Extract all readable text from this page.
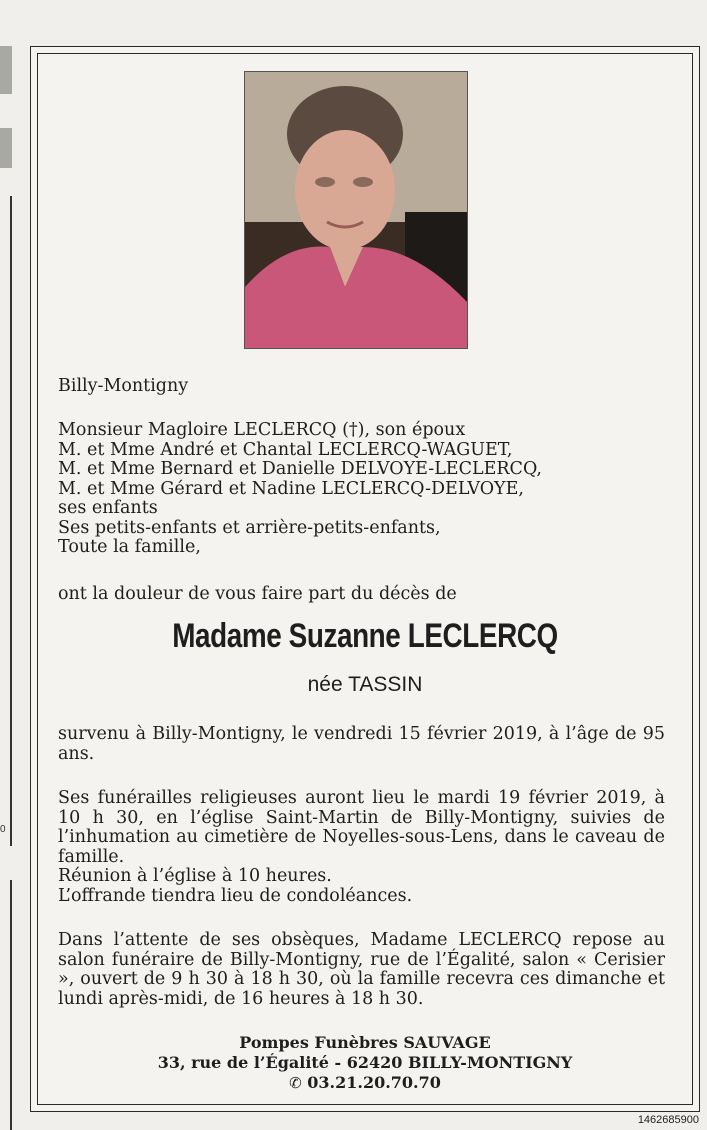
0

Billy-Montigny

Monsieur Magloire LECLERCQ (†), son époux
M. et Mme André et Chantal LECLERCQ-WAGUET,
M. et Mme Bernard et Danielle DELVOYE-LECLERCQ,
M. et Mme Gérard et Nadine LECLERCQ-DELVOYE,
ses enfants
Ses petits-enfants et arrière-petits-enfants,
Toute la famille,

ont la douleur de vous faire part du décès de

Madame Suzanne LECLERCQ
née TASSIN

survenu à Billy-Montigny, le vendredi 15 février 2019, à l’âge de 95 ans.

Ses funérailles religieuses auront lieu le mardi 19 février 2019, à 10 h 30, en l’église Saint-Martin de Billy-Montigny, suivies de l’inhumation au cimetière de Noyelles-sous-Lens, dans le caveau de famille.
Réunion à l’église à 10 heures.
L’offrande tiendra lieu de condoléances.

Dans l’attente de ses obsèques, Madame LECLERCQ repose au salon funéraire de Billy-Montigny, rue de l’Égalité, salon « Cerisier », ouvert de 9 h 30 à 18 h 30, où la famille recevra ces dimanche et lundi après-midi, de 16 heures à 18 h 30.

Pompes Funèbres SAUVAGE
33, rue de l’Égalité - 62420 BILLY-MONTIGNY
✆ 03.21.20.70.70
1462685900
